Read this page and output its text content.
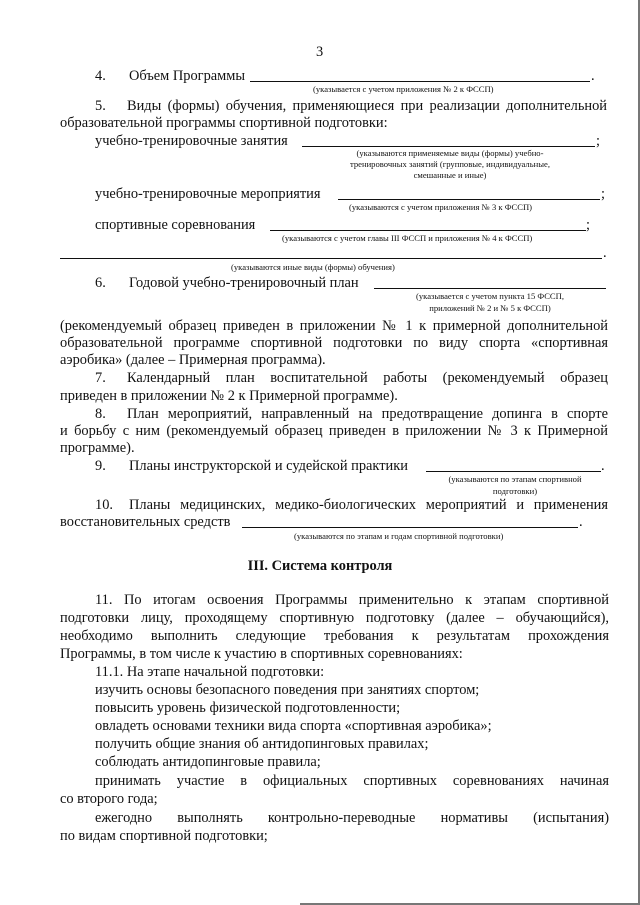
3
4. Объем Программы	.
(указывается с учетом приложения № 2 к ФССП)
5. Виды (формы) обучения, применяющиеся при реализации дополнительной
образовательной программы спортивной подготовки:
учебно-тренировочные занятия	;
(указываются применяемые виды (формы) учебно-
тренировочных занятий (групповые, индивидуальные,
смешанные и иные)
учебно-тренировочные мероприятия	;
(указываются с учетом приложения № 3 к ФССП)
спортивные соревнования	;
(указываются с учетом главы III ФССП и приложения № 4 к ФССП)
.
(указываются иные виды (формы) обучения)
6. Годовой учебно-тренировочный план
(указывается с учетом пункта 15 ФССП,
приложений № 2 и № 5 к ФССП)
(рекомендуемый образец приведен в приложении № 1 к примерной дополнительной
образовательной программе спортивной подготовки по виду спорта «спортивная
аэробика» (далее – Примерная программа).
7. Календарный план воспитательной работы (рекомендуемый образец
приведен в приложении № 2 к Примерной программе).
8. План мероприятий, направленный на предотвращение допинга в спорте
и борьбу с ним (рекомендуемый образец приведен в приложении № 3 к Примерной
программе).
9. Планы инструкторской и судейской практики	.
(указываются по этапам спортивной
подготовки)
10. Планы медицинских, медико-биологических мероприятий и применения
восстановительных средств	.
(указываются по этапам и годам спортивной подготовки)
III. Система контроля
11. По итогам освоения Программы применительно к этапам спортивной
подготовки лицу, проходящему спортивную подготовку (далее – обучающийся),
необходимо выполнить следующие требования к результатам прохождения
Программы, в том числе к участию в спортивных соревнованиях:
11.1. На этапе начальной подготовки:
изучить основы безопасного поведения при занятиях спортом;
повысить уровень физической подготовленности;
овладеть основами техники вида спорта «спортивная аэробика»;
получить общие знания об антидопинговых правилах;
соблюдать антидопинговые правила;
принимать участие в официальных спортивных соревнованиях начиная
со второго года;
ежегодно выполнять контрольно-переводные нормативы (испытания)
по видам спортивной подготовки;
